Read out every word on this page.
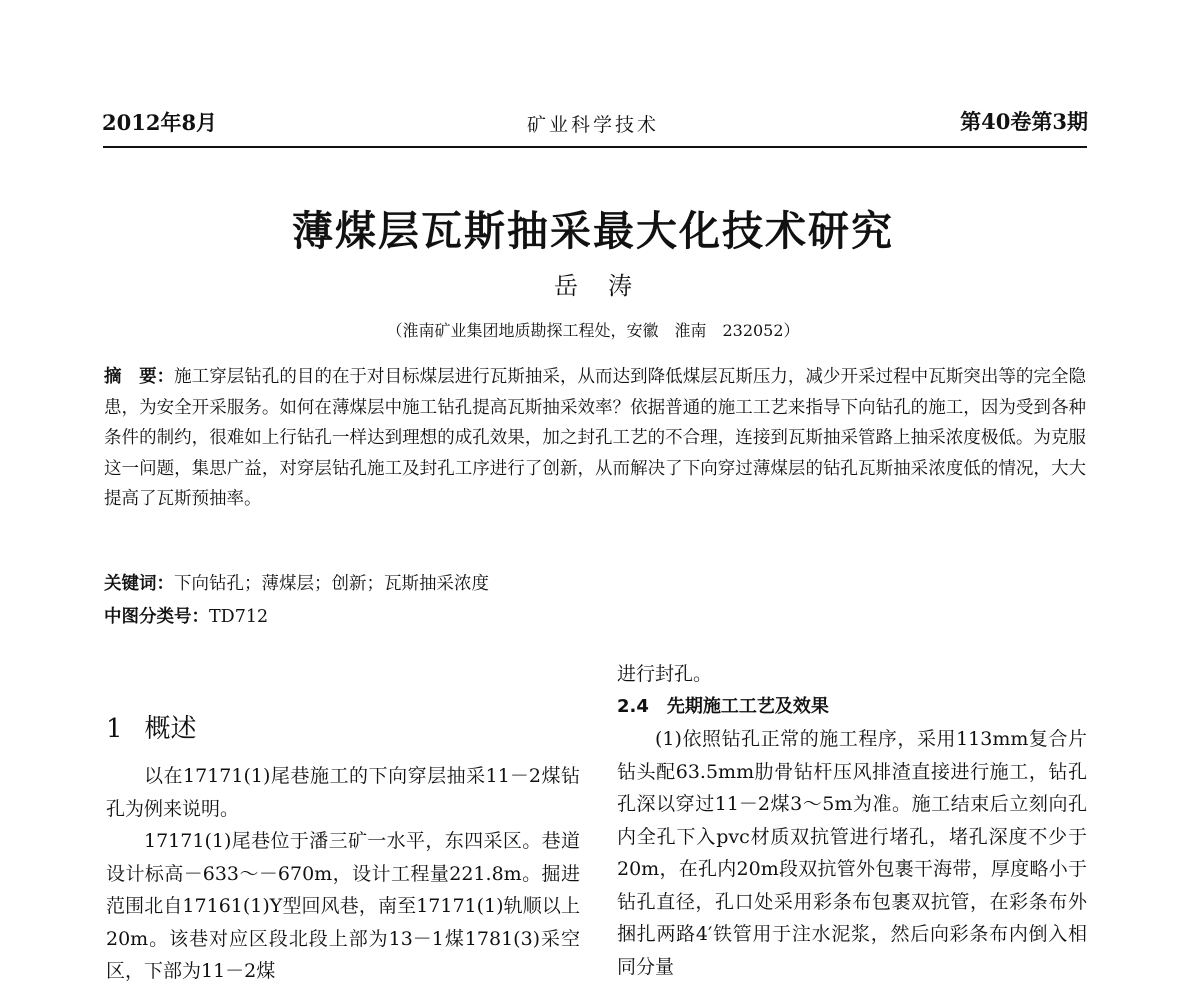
2012年8月	矿业科学技术	第40卷第3期
薄煤层瓦斯抽采最大化技术研究
岳涛
（淮南矿业集团地质勘探工程处，安徽　淮南　232052）
摘　要：施工穿层钻孔的目的在于对目标煤层进行瓦斯抽采，从而达到降低煤层瓦斯压力，减少开采过程中瓦斯突出等的完全隐患，为安全开采服务。如何在薄煤层中施工钻孔提高瓦斯抽采效率？依据普通的施工工艺来指导下向钻孔的施工，因为受到各种条件的制约，很难如上行钻孔一样达到理想的成孔效果，加之封孔工艺的不合理，连接到瓦斯抽采管路上抽采浓度极低。为克服这一问题，集思广益，对穿层钻孔施工及封孔工序进行了创新，从而解决了下向穿过薄煤层的钻孔瓦斯抽采浓度低的情况，大大提高了瓦斯预抽率。
关键词：下向钻孔；薄煤层；创新；瓦斯抽采浓度
中图分类号：TD712
1 概述

以在17171(1)尾巷施工的下向穿层抽采11－2煤钻孔为例来说明。

17171(1)尾巷位于潘三矿一水平，东四采区。巷道设计标高－633～－670m，设计工程量221.8m。掘进范围北自17161(1)Y型回风巷，南至17171(1)轨顺以上20m。该巷对应区段北段上部为13－1煤1781(3)采空区，下部为11－2煤

进行封孔。

2.4 先期施工工艺及效果

(1)依照钻孔正常的施工程序，采用113mm复合片钻头配63.5mm肋骨钻杆压风排渣直接进行施工，钻孔孔深以穿过11－2煤3～5m为准。施工结束后立刻向孔内全孔下入pvc材质双抗管进行堵孔，堵孔深度不少于20m，在孔内20m段双抗管外包裹干海带，厚度略小于钻孔直径，孔口处采用彩条布包裹双抗管，在彩条布外捆扎两路4′铁管用于注水泥浆，然后向彩条布内倒入相同分量
